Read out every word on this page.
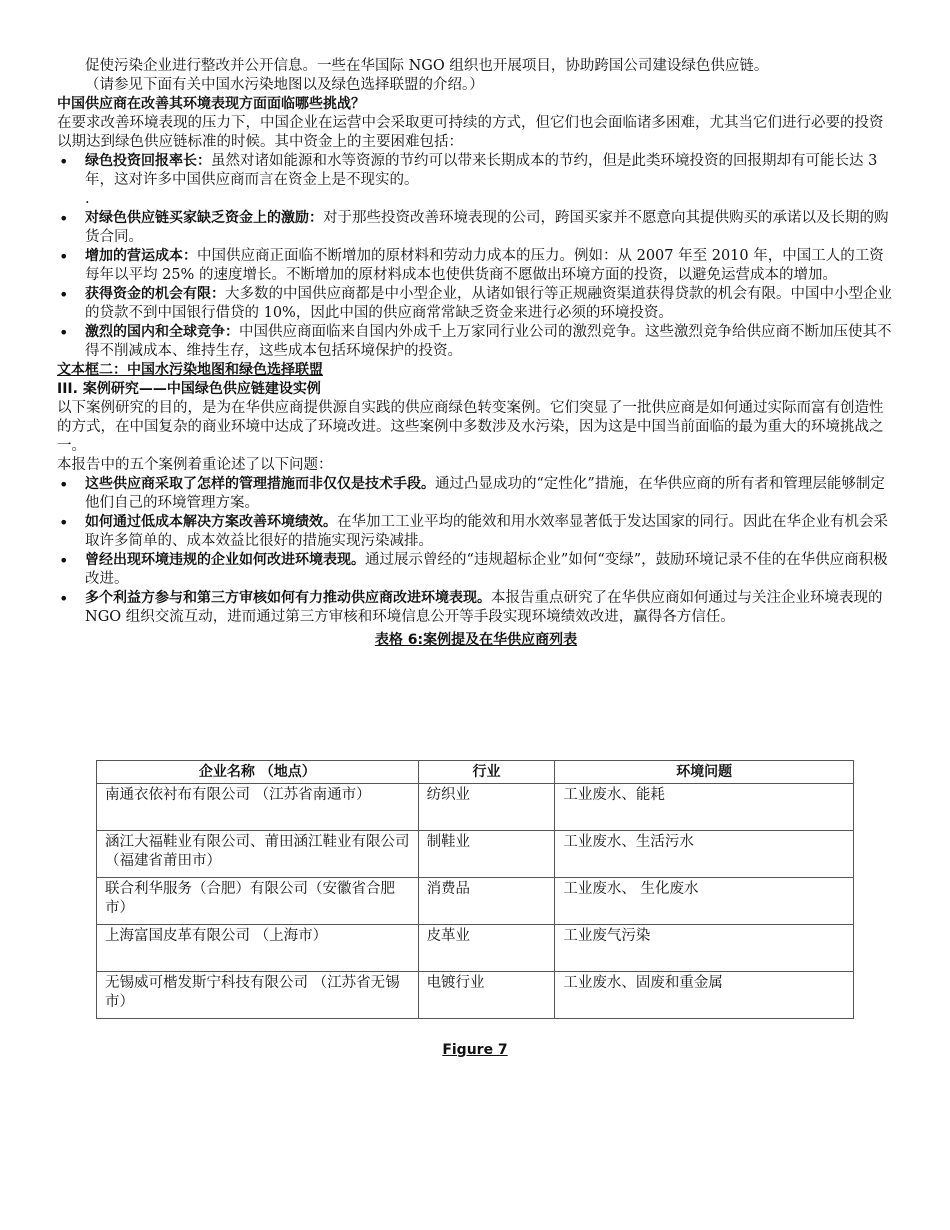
促使污染企业进行整改并公开信息。一些在华国际 NGO 组织也开展项目，协助跨国公司建设绿色供应链。

（请参见下面有关中国水污染地图以及绿色选择联盟的介绍。）

中国供应商在改善其环境表现方面面临哪些挑战？

在要求改善环境表现的压力下，中国企业在运营中会采取更可持续的方式，但它们也会面临诸多困难，尤其当它们进行必要的投资以期达到绿色供应链标准的时候。其中资金上的主要困难包括：

• 绿色投资回报率长：虽然对诸如能源和水等资源的节约可以带来长期成本的节约，但是此类环境投资的回报期却有可能长达 3 年，这对许多中国供应商而言在资金上是不现实的。

.

• 对绿色供应链买家缺乏资金上的激励：对于那些投资改善环境表现的公司，跨国买家并不愿意向其提供购买的承诺以及长期的购货合同。
• 增加的营运成本：中国供应商正面临不断增加的原材料和劳动力成本的压力。例如：从 2007 年至 2010 年，中国工人的工资每年以平均 25% 的速度增长。不断增加的原材料成本也使供货商不愿做出环境方面的投资，以避免运营成本的增加。
• 获得资金的机会有限：大多数的中国供应商都是中小型企业，从诸如银行等正规融资渠道获得贷款的机会有限。中国中小型企业的贷款不到中国银行借贷的 10%，因此中国的供应商常常缺乏资金来进行必须的环境投资。
• 激烈的国内和全球竞争：中国供应商面临来自国内外成千上万家同行业公司的激烈竞争。这些激烈竞争给供应商不断加压使其不得不削减成本、维持生存，这些成本包括环境保护的投资。

文本框二：中国水污染地图和绿色选择联盟

III. 案例研究——中国绿色供应链建设实例

以下案例研究的目的，是为在华供应商提供源自实践的供应商绿色转变案例。它们突显了一批供应商是如何通过实际而富有创造性的方式，在中国复杂的商业环境中达成了环境改进。这些案例中多数涉及水污染，因为这是中国当前面临的最为重大的环境挑战之一。

本报告中的五个案例着重论述了以下问题：

• 这些供应商采取了怎样的管理措施而非仅仅是技术手段。通过凸显成功的“定性化”措施，在华供应商的所有者和管理层能够制定他们自己的环境管理方案。
• 如何通过低成本解决方案改善环境绩效。在华加工工业平均的能效和用水效率显著低于发达国家的同行。因此在华企业有机会采取许多简单的、成本效益比很好的措施实现污染减排。
• 曾经出现环境违规的企业如何改进环境表现。通过展示曾经的“违规超标企业”如何“变绿”，鼓励环境记录不佳的在华供应商积极改进。
• 多个利益方参与和第三方审核如何有力推动供应商改进环境表现。本报告重点研究了在华供应商如何通过与关注企业环境表现的 NGO 组织交流互动，进而通过第三方审核和环境信息公开等手段实现环境绩效改进，赢得各方信任。

表格 6:案例提及在华供应商列表

企业名称 （地点）	行业	环境问题
南通衣依衬布有限公司 （江苏省南通市）	纺织业	工业废水、能耗
涵江大福鞋业有限公司、莆田涵江鞋业有限公司 （福建省莆田市）	制鞋业	工业废水、生活污水
联合利华服务（合肥）有限公司（安徽省合肥市）	消费品	工业废水、 生化废水
上海富国皮革有限公司 （上海市）	皮革业	工业废气污染
无锡威可楷发斯宁科技有限公司 （江苏省无锡市）	电镀行业	工业废水、固废和重金属
Figure 7
